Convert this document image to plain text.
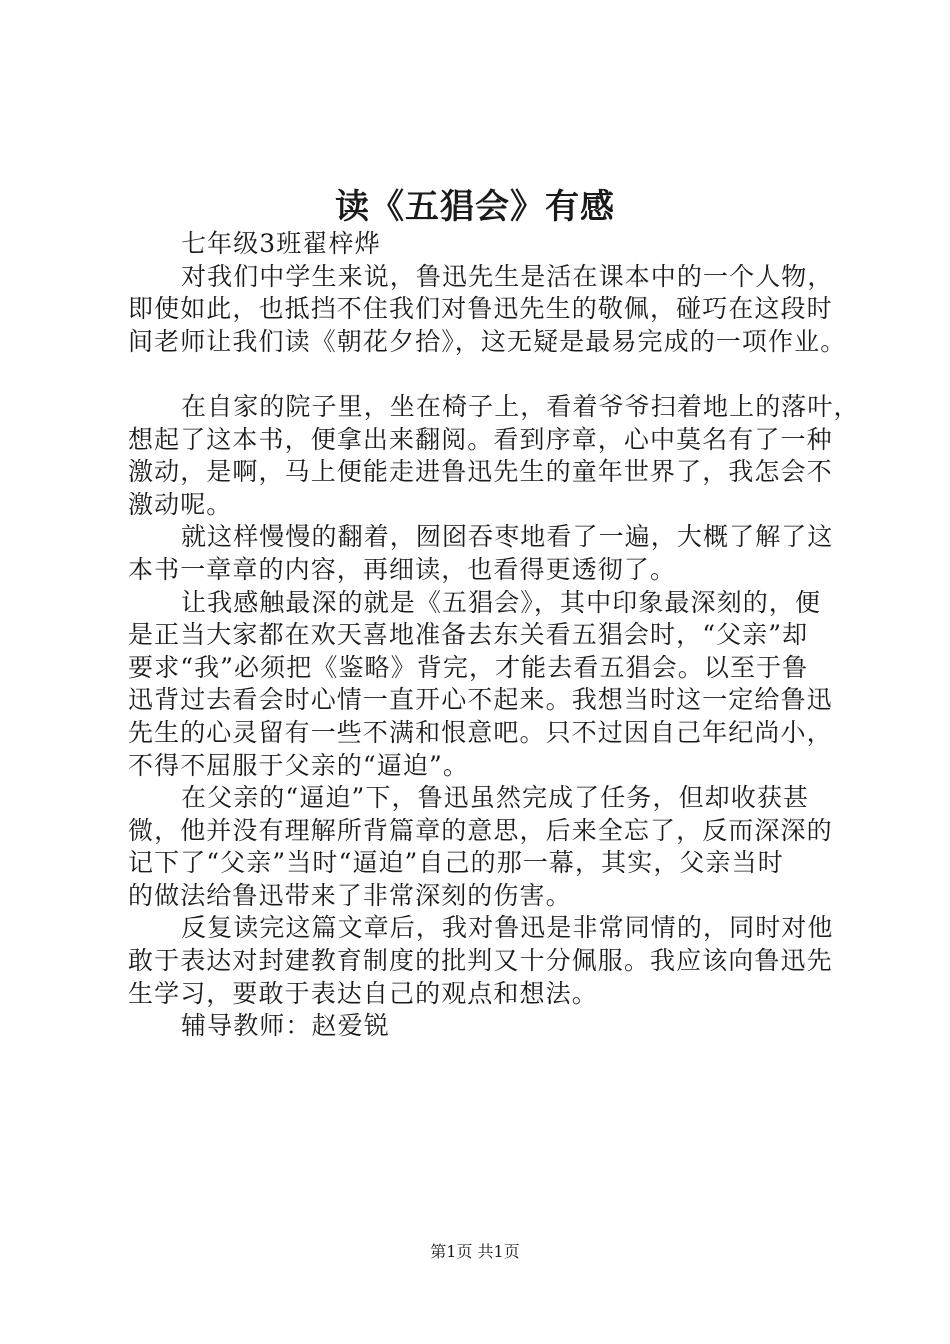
读《五猖会》有感
七年级3班翟梓烨
对我们中学生来说，鲁迅先生是活在课本中的一个人物，
即使如此，也抵挡不住我们对鲁迅先生的敬佩，碰巧在这段时
间老师让我们读《朝花夕拾》，这无疑是最易完成的一项作业。
在自家的院子里，坐在椅子上，看着爷爷扫着地上的落叶，
想起了这本书，便拿出来翻阅。看到序章，心中莫名有了一种
激动，是啊，马上便能走进鲁迅先生的童年世界了，我怎会不
激动呢。
就这样慢慢的翻着，囫囵吞枣地看了一遍，大概了解了这
本书一章章的内容，再细读，也看得更透彻了。
让我感触最深的就是《五猖会》，其中印象最深刻的，便
是正当大家都在欢天喜地准备去东关看五猖会时，“父亲”却
要求“我”必须把《鉴略》背完，才能去看五猖会。以至于鲁
迅背过去看会时心情一直开心不起来。我想当时这一定给鲁迅
先生的心灵留有一些不满和恨意吧。只不过因自己年纪尚小，
不得不屈服于父亲的“逼迫”。
在父亲的“逼迫”下，鲁迅虽然完成了任务，但却收获甚
微，他并没有理解所背篇章的意思，后来全忘了，反而深深的
记下了“父亲”当时“逼迫”自己的那一幕，其实，父亲当时
的做法给鲁迅带来了非常深刻的伤害。
反复读完这篇文章后，我对鲁迅是非常同情的，同时对他
敢于表达对封建教育制度的批判又十分佩服。我应该向鲁迅先
生学习，要敢于表达自己的观点和想法。
辅导教师：赵爱锐
第1页 共1页
